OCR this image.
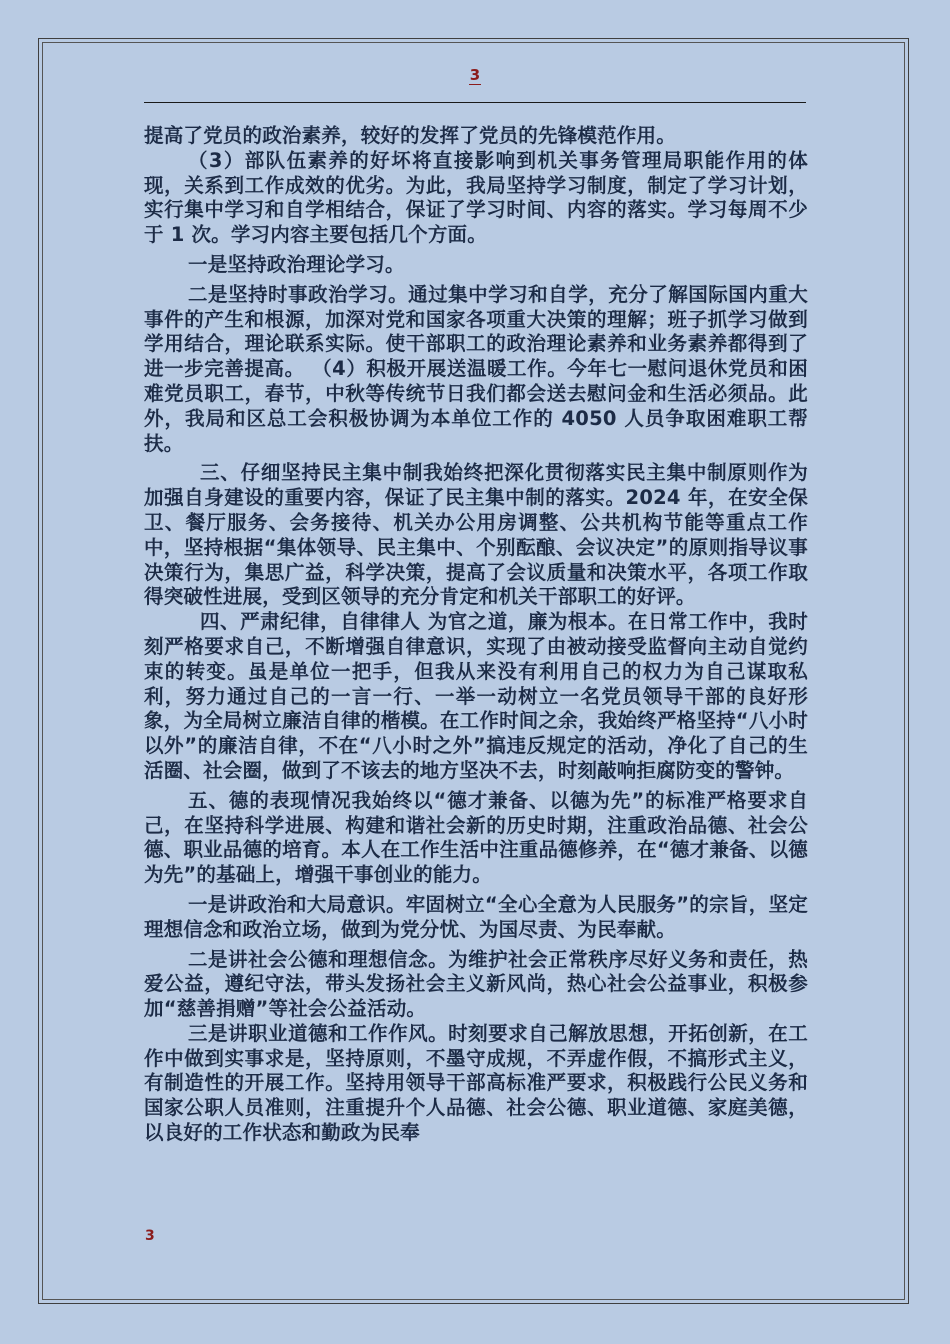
3

提高了党员的政治素养，较好的发挥了党员的先锋模范作用。

（3）部队伍素养的好坏将直接影响到机关事务管理局职能作用的体现，关系到工作成效的优劣。为此，我局坚持学习制度，制定了学习计划，实行集中学习和自学相结合，保证了学习时间、内容的落实。学习每周不少于 1 次。学习内容主要包括几个方面。

一是坚持政治理论学习。

二是坚持时事政治学习。通过集中学习和自学，充分了解国际国内重大事件的产生和根源，加深对党和国家各项重大决策的理解；班子抓学习做到学用结合，理论联系实际。使干部职工的政治理论素养和业务素养都得到了进一步完善提高。 （4）积极开展送温暖工作。今年七一慰问退休党员和困难党员职工，春节，中秋等传统节日我们都会送去慰问金和生活必须品。此外，我局和区总工会积极协调为本单位工作的 4050 人员争取困难职工帮扶。

三、仔细坚持民主集中制我始终把深化贯彻落实民主集中制原则作为加强自身建设的重要内容，保证了民主集中制的落实。2024 年，在安全保卫、餐厅服务、会务接待、机关办公用房调整、公共机构节能等重点工作中，坚持根据“集体领导、民主集中、个别酝酿、会议决定”的原则指导议事决策行为，集思广益，科学决策，提高了会议质量和决策水平，各项工作取得突破性进展，受到区领导的充分肯定和机关干部职工的好评。

四、严肃纪律，自律律人 为官之道，廉为根本。在日常工作中，我时刻严格要求自己，不断增强自律意识，实现了由被动接受监督向主动自觉约束的转变。虽是单位一把手，但我从来没有利用自己的权力为自己谋取私利，努力通过自己的一言一行、一举一动树立一名党员领导干部的良好形象，为全局树立廉洁自律的楷模。在工作时间之余，我始终严格坚持“八小时以外”的廉洁自律，不在“八小时之外”搞违反规定的活动，净化了自己的生活圈、社会圈，做到了不该去的地方坚决不去，时刻敲响拒腐防变的警钟。

五、德的表现情况我始终以“德才兼备、以德为先”的标准严格要求自己，在坚持科学进展、构建和谐社会新的历史时期，注重政治品德、社会公德、职业品德的培育。本人在工作生活中注重品德修养，在“德才兼备、以德为先”的基础上，增强干事创业的能力。

一是讲政治和大局意识。牢固树立“全心全意为人民服务”的宗旨，坚定理想信念和政治立场，做到为党分忧、为国尽责、为民奉献。

二是讲社会公德和理想信念。为维护社会正常秩序尽好义务和责任，热爱公益，遵纪守法，带头发扬社会主义新风尚，热心社会公益事业，积极参加“慈善捐赠”等社会公益活动。

三是讲职业道德和工作作风。时刻要求自己解放思想，开拓创新，在工作中做到实事求是，坚持原则，不墨守成规，不弄虚作假，不搞形式主义，有制造性的开展工作。坚持用领导干部高标准严要求，积极践行公民义务和国家公职人员准则，注重提升个人品德、社会公德、职业道德、家庭美德，以良好的工作状态和勤政为民奉

3
